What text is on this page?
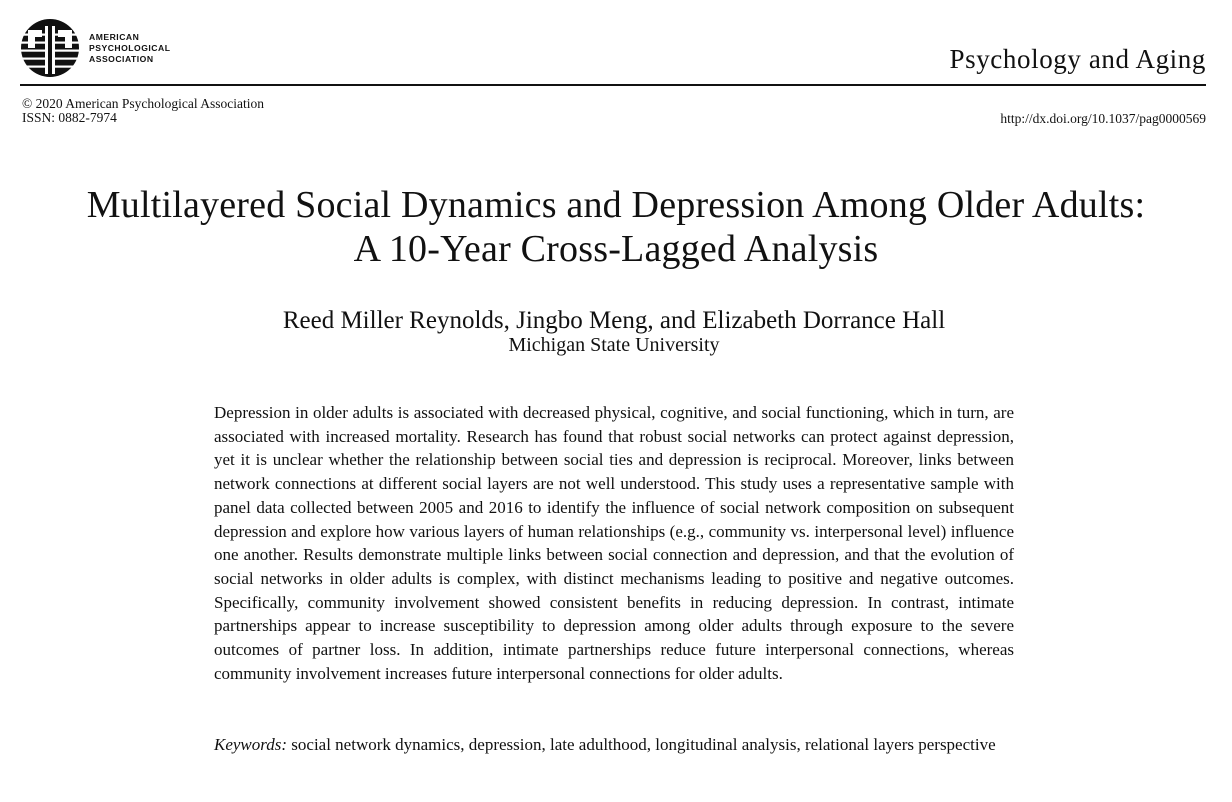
AMERICAN
PSYCHOLOGICAL
ASSOCIATION	Psychology and Aging
© 2020 American Psychological Association
ISSN: 0882-7974	http://dx.doi.org/10.1037/pag0000569
Multilayered Social Dynamics and Depression Among Older Adults:
A 10-Year Cross-Lagged Analysis
Reed Miller Reynolds, Jingbo Meng, and Elizabeth Dorrance Hall
Michigan State University

Depression in older adults is associated with decreased physical, cognitive, and social functioning, which in turn, are associated with increased mortality. Research has found that robust social networks can protect against depression, yet it is unclear whether the relationship between social ties and depression is reciprocal. Moreover, links between network connections at different social layers are not well understood. This study uses a representative sample with panel data collected between 2005 and 2016 to identify the influence of social network composition on subsequent depression and explore how various layers of human relationships (e.g., community vs. interpersonal level) influence one another. Results demonstrate multiple links between social connection and depression, and that the evolution of social networks in older adults is complex, with distinct mechanisms leading to positive and negative outcomes. Specifically, community involvement showed consistent benefits in reducing depression. In contrast, intimate partnerships appear to increase susceptibility to depression among older adults through exposure to the severe outcomes of partner loss. In addition, intimate partnerships reduce future interpersonal connections, whereas community involvement increases future interpersonal connections for older adults.

Keywords: social network dynamics, depression, late adulthood, longitudinal analysis, relational layers perspective
